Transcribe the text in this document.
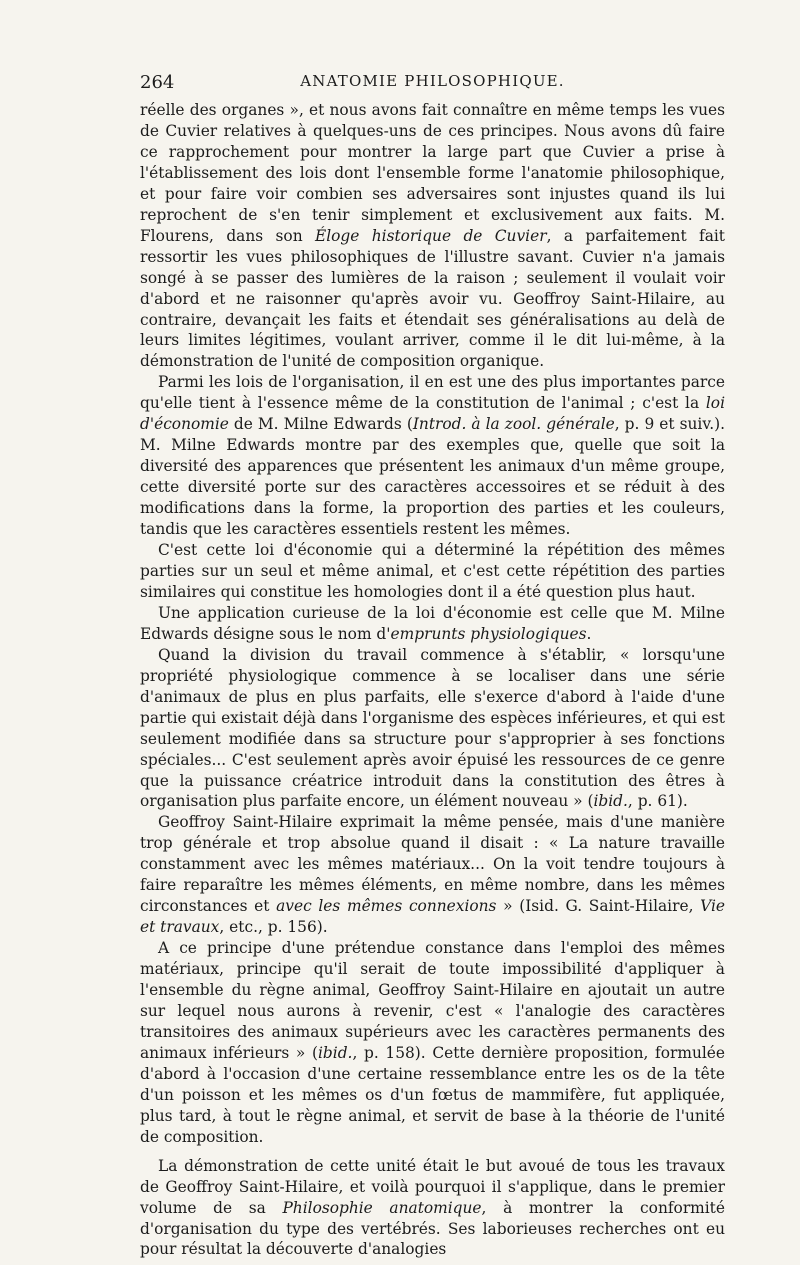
264	ANATOMIE PHILOSOPHIQUE.

réelle des organes », et nous avons fait connaître en même temps les vues de Cuvier relatives à quelques-uns de ces principes. Nous avons dû faire ce rapprochement pour montrer la large part que Cuvier a prise à l'établissement des lois dont l'ensemble forme l'anatomie philosophique, et pour faire voir combien ses adversaires sont injustes quand ils lui reprochent de s'en tenir simplement et exclusivement aux faits. M. Flourens, dans son Éloge historique de Cuvier, a parfaitement fait ressortir les vues philosophiques de l'illustre savant. Cuvier n'a jamais songé à se passer des lumières de la raison ; seulement il voulait voir d'abord et ne raisonner qu'après avoir vu. Geoffroy Saint-Hilaire, au contraire, devançait les faits et étendait ses généralisations au delà de leurs limites légitimes, voulant arriver, comme il le dit lui-même, à la démonstration de l'unité de composition organique.

Parmi les lois de l'organisation, il en est une des plus importantes parce qu'elle tient à l'essence même de la constitution de l'animal ; c'est la loi d'économie de M. Milne Edwards (Introd. à la zool. générale, p. 9 et suiv.). M. Milne Edwards montre par des exemples que, quelle que soit la diversité des apparences que présentent les animaux d'un même groupe, cette diversité porte sur des caractères accessoires et se réduit à des modifications dans la forme, la proportion des parties et les couleurs, tandis que les caractères essentiels restent les mêmes.

C'est cette loi d'économie qui a déterminé la répétition des mêmes parties sur un seul et même animal, et c'est cette répétition des parties similaires qui constitue les homologies dont il a été question plus haut.

Une application curieuse de la loi d'économie est celle que M. Milne Edwards désigne sous le nom d'emprunts physiologiques.

Quand la division du travail commence à s'établir, « lorsqu'une propriété physiologique commence à se localiser dans une série d'animaux de plus en plus parfaits, elle s'exerce d'abord à l'aide d'une partie qui existait déjà dans l'organisme des espèces inférieures, et qui est seulement modifiée dans sa structure pour s'approprier à ses fonctions spéciales... C'est seulement après avoir épuisé les ressources de ce genre que la puissance créatrice introduit dans la constitution des êtres à organisation plus parfaite encore, un élément nouveau » (ibid., p. 61).

Geoffroy Saint-Hilaire exprimait la même pensée, mais d'une manière trop générale et trop absolue quand il disait : « La nature travaille constamment avec les mêmes matériaux... On la voit tendre toujours à faire reparaître les mêmes éléments, en même nombre, dans les mêmes circonstances et avec les mêmes connexions » (Isid. G. Saint-Hilaire, Vie et travaux, etc., p. 156).

A ce principe d'une prétendue constance dans l'emploi des mêmes matériaux, principe qu'il serait de toute impossibilité d'appliquer à l'ensemble du règne animal, Geoffroy Saint-Hilaire en ajoutait un autre sur lequel nous aurons à revenir, c'est « l'analogie des caractères transitoires des animaux supérieurs avec les caractères permanents des animaux inférieurs » (ibid., p. 158). Cette dernière proposition, formulée d'abord à l'occasion d'une certaine ressemblance entre les os de la tête d'un poisson et les mêmes os d'un fœtus de mammifère, fut appliquée, plus tard, à tout le règne animal, et servit de base à la théorie de l'unité de composition.

La démonstration de cette unité était le but avoué de tous les travaux de Geoffroy Saint-Hilaire, et voilà pourquoi il s'applique, dans le premier volume de sa Philosophie anatomique, à montrer la conformité d'organisation du type des vertébrés. Ses laborieuses recherches ont eu pour résultat la découverte d'analogies
